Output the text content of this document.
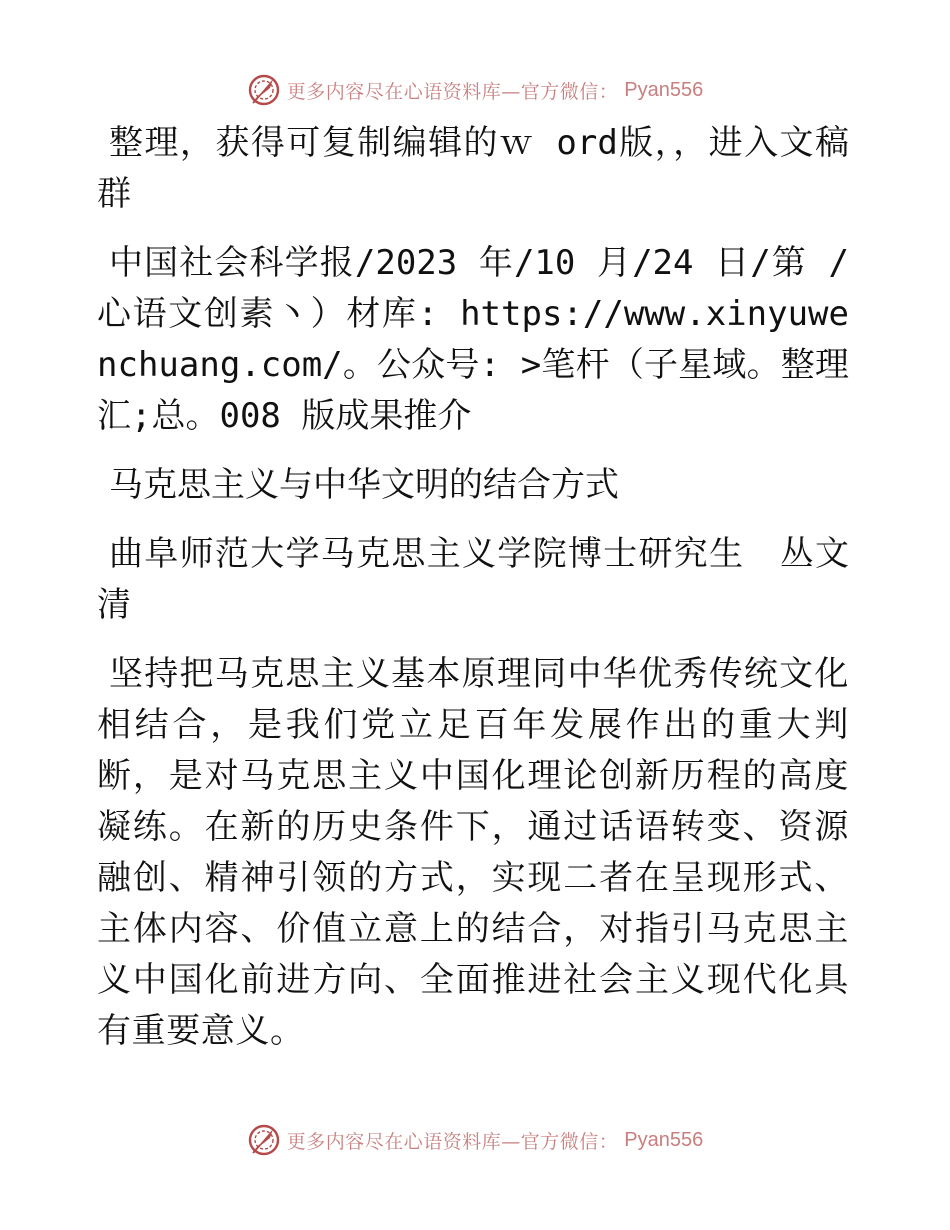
更多内容尽在心语资料库—官方微信： Pyan556

整理，获得可复制编辑的ｗ ord版，，进入文稿群

中国社会科学报/2023 年/10 月/24 日/第 /心语文创素丶）材库: https://www.xinyuwenchuang.com/。公众号: >笔杆（子星域。整理汇;总。008 版成果推介

马克思主义与中华文明的结合方式

曲阜师范大学马克思主义学院博士研究生　丛文清

坚持把马克思主义基本原理同中华优秀传统文化相结合，是我们党立足百年发展作出的重大判断，是对马克思主义中国化理论创新历程的高度凝练。在新的历史条件下，通过话语转变、资源融创、精神引领的方式，实现二者在呈现形式、主体内容、价值立意上的结合，对指引马克思主义中国化前进方向、全面推进社会主义现代化具有重要意义。

更多内容尽在心语资料库—官方微信： Pyan556
